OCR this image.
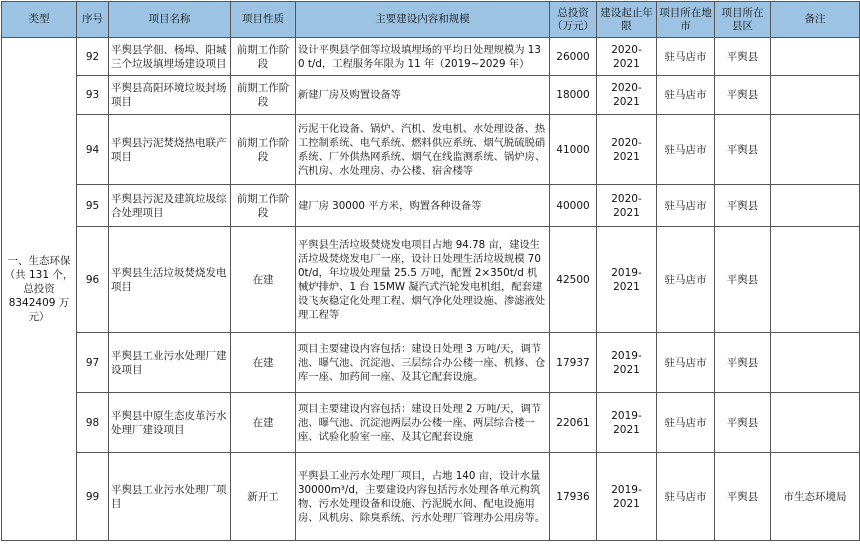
类型	序号	项目名称	项目性质	主要建设内容和规模	总投资（万元）	建设起止年限	项目所在地市	项目所在县区	备注
一、生态环保（共 131 个，总投资 8342409 万元）	92	平舆县学佃、杨埠、阳城三个垃圾填埋场建设项目	前期工作阶段	设计平舆县学佃等垃圾填埋场的平均日处理规模为 130 t/d，工程服务年限为 11 年（2019~2029 年）	26000	2020-2021	驻马店市	平舆县	
	93	平舆县高阳环境垃圾封场项目	前期工作阶段	新建厂房及购置设备等	18000	2020-2021	驻马店市	平舆县	
	94	平舆县污泥焚烧热电联产项目	前期工作阶段	污泥干化设备、锅炉、汽机、发电机、水处理设备、热工控制系统、电气系统、燃料供应系统、烟气脱硫脱硝系统、厂外供热网系统、烟气在线监测系统、锅炉房、汽机房、水处理房、办公楼、宿舍楼等	41000	2020-2021	驻马店市	平舆县	
	95	平舆县污泥及建筑垃圾综合处理项目	前期工作阶段	建厂房 30000 平方米，购置各种设备等	40000	2020-2021	驻马店市	平舆县	
	96	平舆县生活垃圾焚烧发电项目	在建	平舆县生活垃圾焚烧发电项目占地 94.78 亩，建设生活垃圾焚烧发电厂一座，设计日处理生活垃圾规模 700t/d，年垃圾处理量 25.5 万吨，配置 2×350t/d 机械炉排炉、1 台 15MW 凝汽式汽轮发电机组，配套建设飞灰稳定化处理工程、烟气净化处理设施、渗滤液处理工程等	42500	2019-2021	驻马店市	平舆县	
	97	平舆县工业污水处理厂建设项目	在建	项目主要建设内容包括：建设日处理 3 万吨/天，调节池、曝气池、沉淀池、三层综合办公楼一座、机修、仓库一座、加药间一座、及其它配套设施。	17937	2019-2021	驻马店市	平舆县	
	98	平舆县中原生态皮革污水处理厂建设项目	在建	项目主要建设内容包括：建设日处理 2 万吨/天，调节池、曝气池、沉淀池两层办公楼一座、两层综合楼一座、试验化验室一座、及其它配套设施	22061	2019-2021	驻马店市	平舆县	
	99	平舆县工业污水处理厂项目	新开工	平舆县工业污水处理厂项目，占地 140 亩，设计水量 30000m³/d，主要建设内容包括污水处理各单元构筑物、污水处理设备和设施、污泥脱水间、配电设施用房、风机房、除臭系统、污水处理厂管理办公用房等。	17936	2019-2021	驻马店市	平舆县	市生态环境局
